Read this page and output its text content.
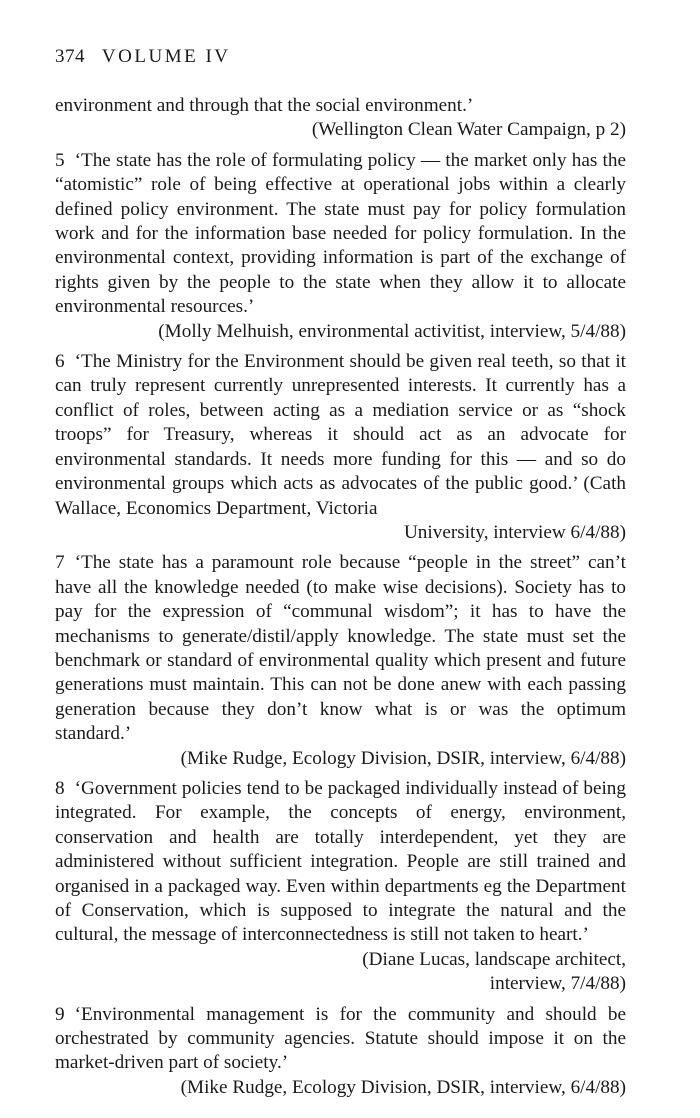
374 VOLUME IV

environment and through that the social environment.’

(Wellington Clean Water Campaign, p 2)

5 ‘The state has the role of formulating policy — the market only has the “atomistic” role of being effective at operational jobs within a clearly defined policy environment. The state must pay for policy formulation work and for the information base needed for policy formulation. In the environmental context, providing information is part of the exchange of rights given by the people to the state when they allow it to allocate environmental resources.’

(Molly Melhuish, environmental activitist, interview, 5/4/88)

6 ‘The Ministry for the Environment should be given real teeth, so that it can truly represent currently unrepresented interests. It currently has a conflict of roles, between acting as a mediation service or as “shock troops” for Treasury, whereas it should act as an advocate for environmental standards. It needs more funding for this — and so do environmental groups which acts as advocates of the public good.’ (Cath Wallace, Economics Department, Victoria

University, interview 6/4/88)

7 ‘The state has a paramount role because “people in the street” can’t have all the knowledge needed (to make wise decisions). Society has to pay for the expression of “communal wisdom”; it has to have the mechanisms to generate/distil/apply knowledge. The state must set the benchmark or standard of environmental quality which present and future generations must maintain. This can not be done anew with each passing generation because they don’t know what is or was the optimum standard.’

(Mike Rudge, Ecology Division, DSIR, interview, 6/4/88)

8 ‘Government policies tend to be packaged individually instead of being integrated. For example, the concepts of energy, environment, conservation and health are totally interdependent, yet they are administered without sufficient integration. People are still trained and organised in a packaged way. Even within departments eg the Department of Conservation, which is supposed to integrate the natural and the cultural, the message of interconnectedness is still not taken to heart.’
(Diane Lucas, landscape architect,

interview, 7/4/88)

9 ‘Environmental management is for the community and should be orchestrated by community agencies. Statute should impose it on the market-driven part of society.’

(Mike Rudge, Ecology Division, DSIR, interview, 6/4/88)
